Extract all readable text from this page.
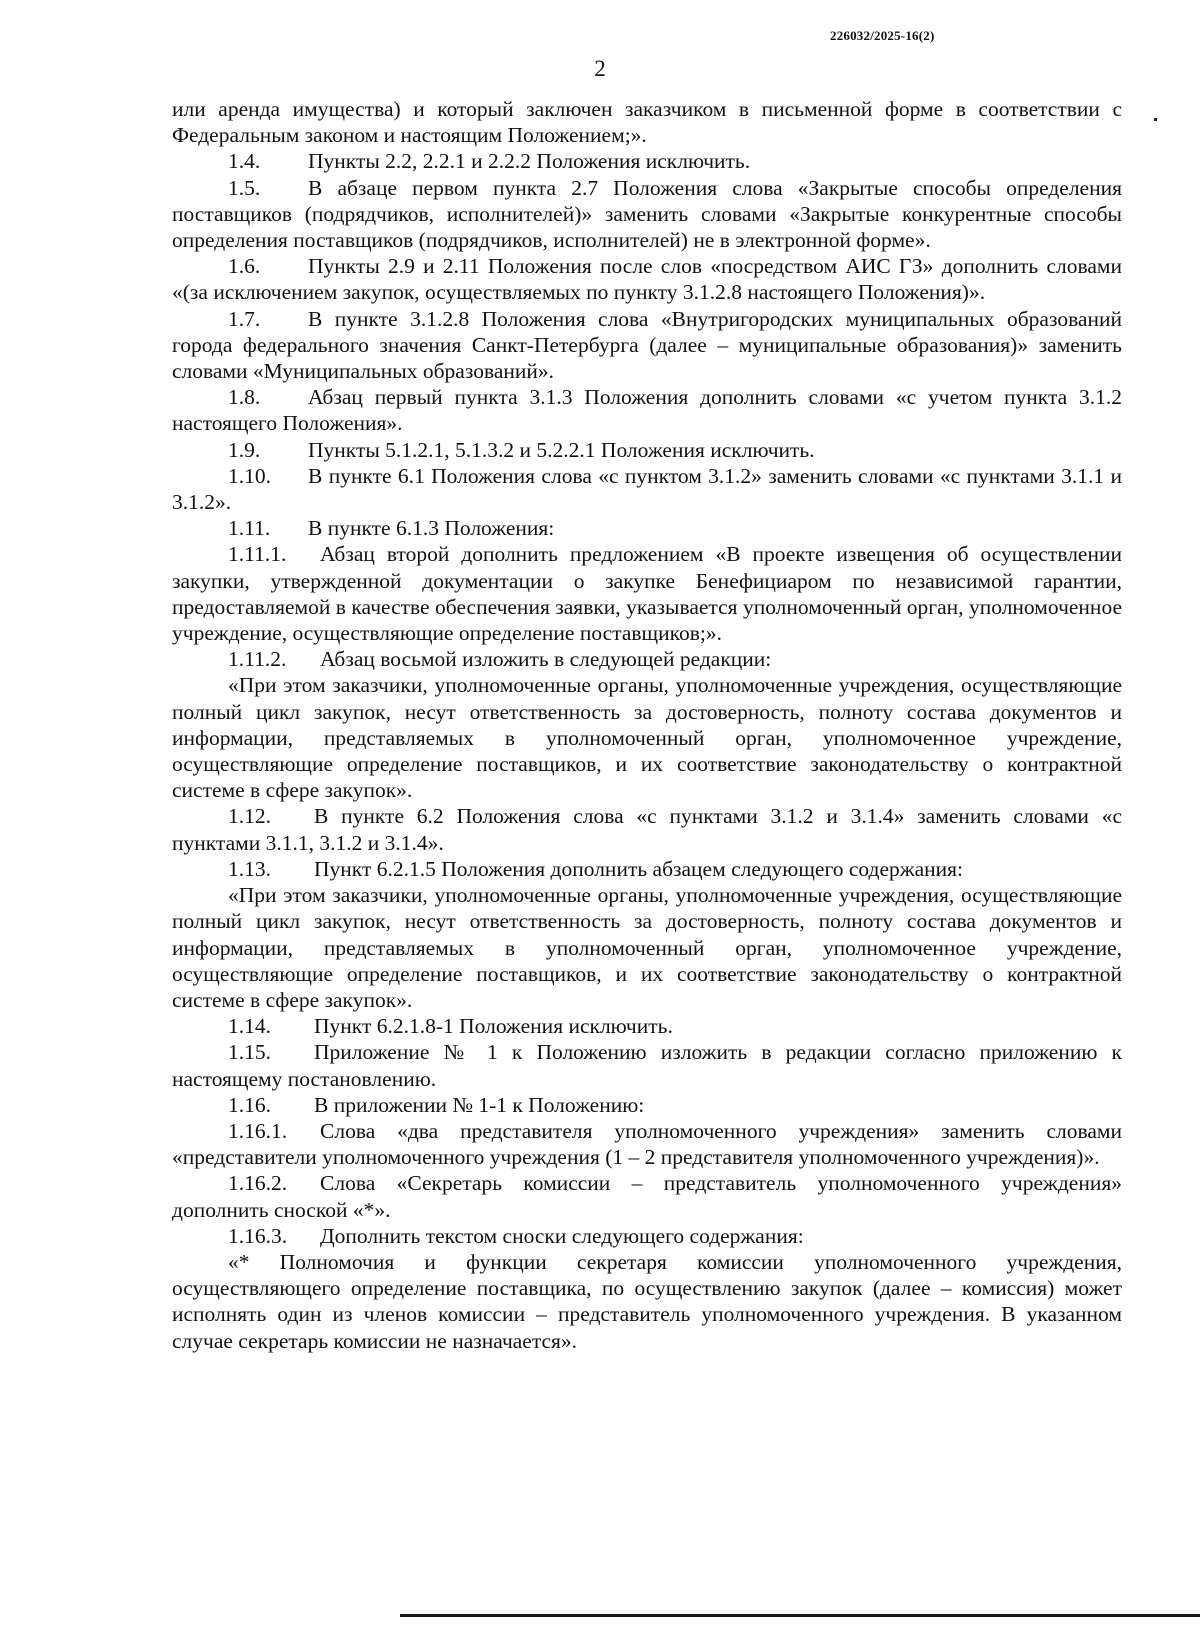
226032/2025-16(2)
2

или аренда имущества) и который заключен заказчиком в письменной форме в соответствии с Федеральным законом и настоящим Положением;».

1.4. Пункты 2.2, 2.2.1 и 2.2.2 Положения исключить.

1.5. В абзаце первом пункта 2.7 Положения слова «Закрытые способы определения поставщиков (подрядчиков, исполнителей)» заменить словами «Закрытые конкурентные способы определения поставщиков (подрядчиков, исполнителей) не в электронной форме».

1.6. Пункты 2.9 и 2.11 Положения после слов «посредством АИС ГЗ» дополнить словами «(за исключением закупок, осуществляемых по пункту 3.1.2.8 настоящего Положения)».

1.7. В пункте 3.1.2.8 Положения слова «Внутригородских муниципальных образований города федерального значения Санкт-Петербурга (далее – муниципальные образования)» заменить словами «Муниципальных образований».

1.8. Абзац первый пункта 3.1.3 Положения дополнить словами «с учетом пункта 3.1.2 настоящего Положения».

1.9. Пункты 5.1.2.1, 5.1.3.2 и 5.2.2.1 Положения исключить.

1.10. В пункте 6.1 Положения слова «с пунктом 3.1.2» заменить словами «с пунктами 3.1.1 и 3.1.2».

1.11. В пункте 6.1.3 Положения:

1.11.1. Абзац второй дополнить предложением «В проекте извещения об осуществлении закупки, утвержденной документации о закупке Бенефициаром по независимой гарантии, предоставляемой в качестве обеспечения заявки, указывается уполномоченный орган, уполномоченное учреждение, осуществляющие определение поставщиков;».

1.11.2. Абзац восьмой изложить в следующей редакции:

«При этом заказчики, уполномоченные органы, уполномоченные учреждения, осуществляющие полный цикл закупок, несут ответственность за достоверность, полноту состава документов и информации, представляемых в уполномоченный орган, уполномоченное учреждение, осуществляющие определение поставщиков, и их соответствие законодательству о контрактной системе в сфере закупок».

1.12. В пункте 6.2 Положения слова «с пунктами 3.1.2 и 3.1.4» заменить словами «с пунктами 3.1.1, 3.1.2 и 3.1.4».

1.13. Пункт 6.2.1.5 Положения дополнить абзацем следующего содержания:

«При этом заказчики, уполномоченные органы, уполномоченные учреждения, осуществляющие полный цикл закупок, несут ответственность за достоверность, полноту состава документов и информации, представляемых в уполномоченный орган, уполномоченное учреждение, осуществляющие определение поставщиков, и их соответствие законодательству о контрактной системе в сфере закупок».

1.14. Пункт 6.2.1.8-1 Положения исключить.

1.15. Приложение № 1 к Положению изложить в редакции согласно приложению к настоящему постановлению.

1.16. В приложении № 1-1 к Положению:

1.16.1. Слова «два представителя уполномоченного учреждения» заменить словами «представители уполномоченного учреждения (1 – 2 представителя уполномоченного учреждения)».

1.16.2. Слова «Секретарь комиссии – представитель уполномоченного учреждения» дополнить сноской «*».

1.16.3. Дополнить текстом сноски следующего содержания:

«* Полномочия и функции секретаря комиссии уполномоченного учреждения, осуществляющего определение поставщика, по осуществлению закупок (далее – комиссия) может исполнять один из членов комиссии – представитель уполномоченного учреждения. В указанном случае секретарь комиссии не назначается».
